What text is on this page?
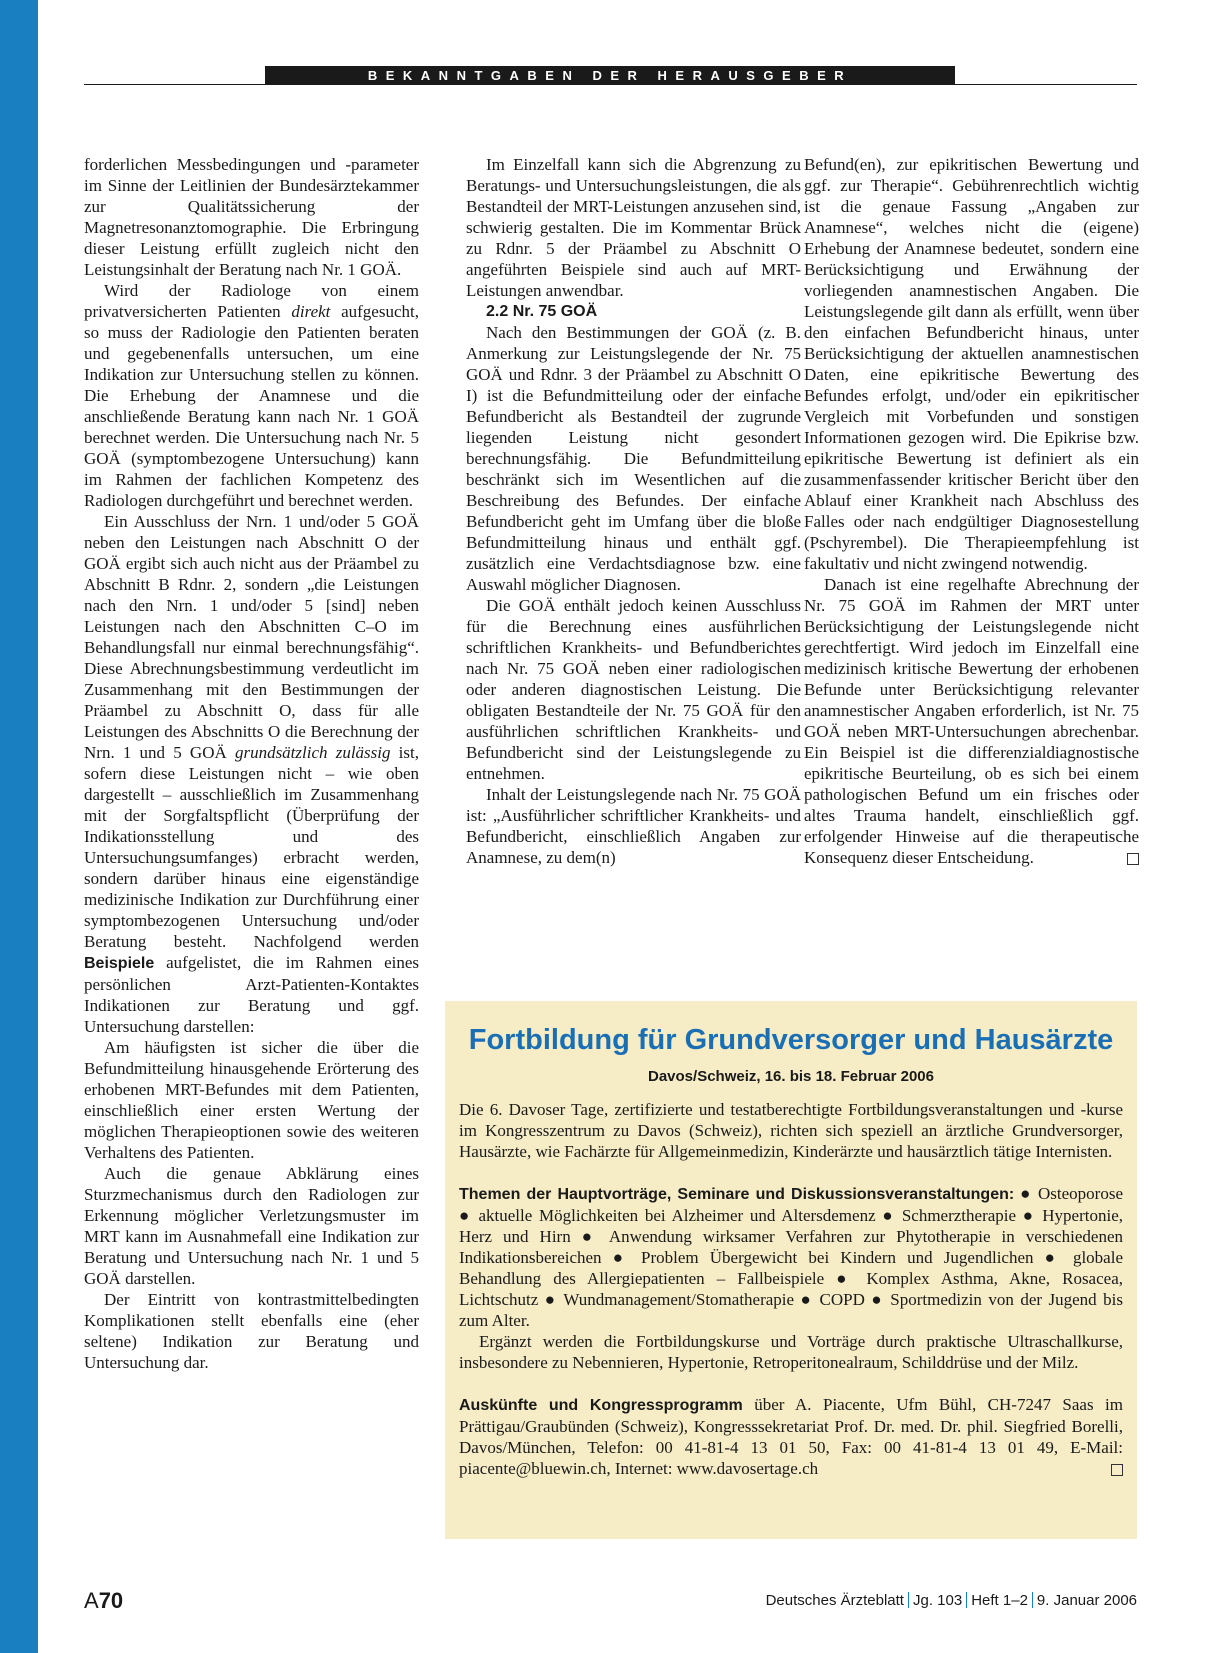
BEKANNTGABEN DER HERAUSGEBER

forderlichen Messbedingungen und -parameter im Sinne der Leitlinien der Bundesärztekammer zur Qualitätssicherung der Magnetresonanztomographie. Die Erbringung dieser Leistung erfüllt zugleich nicht den Leistungsinhalt der Beratung nach Nr. 1 GOÄ.

Wird der Radiologe von einem privatversicherten Patienten direkt aufgesucht, so muss der Radiologie den Patienten beraten und gegebenenfalls untersuchen, um eine Indikation zur Untersuchung stellen zu können. Die Erhebung der Anamnese und die anschließende Beratung kann nach Nr. 1 GOÄ berechnet werden. Die Untersuchung nach Nr. 5 GOÄ (symptombezogene Untersuchung) kann im Rahmen der fachlichen Kompetenz des Radiologen durchgeführt und berechnet werden.

Ein Ausschluss der Nrn. 1 und/oder 5 GOÄ neben den Leistungen nach Abschnitt O der GOÄ ergibt sich auch nicht aus der Präambel zu Abschnitt B Rdnr. 2, sondern „die Leistungen nach den Nrn. 1 und/oder 5 [sind] neben Leistungen nach den Abschnitten C–O im Behandlungsfall nur einmal berechnungsfähig“. Diese Abrechnungsbestimmung verdeutlicht im Zusammenhang mit den Bestimmungen der Präambel zu Abschnitt O, dass für alle Leistungen des Abschnitts O die Berechnung der Nrn. 1 und 5 GOÄ grundsätzlich zulässig ist, sofern diese Leistungen nicht – wie oben dargestellt – ausschließlich im Zusammenhang mit der Sorgfaltspflicht (Überprüfung der Indikationsstellung und des Untersuchungsumfanges) erbracht werden, sondern darüber hinaus eine eigenständige medizinische Indikation zur Durchführung einer symptombezogenen Untersuchung und/oder Beratung besteht. Nachfolgend werden Beispiele aufgelistet, die im Rahmen eines persönlichen Arzt-Patienten-Kontaktes Indikationen zur Beratung und ggf. Untersuchung darstellen:

Am häufigsten ist sicher die über die Befundmitteilung hinausgehende Erörterung des erhobenen MRT-Befundes mit dem Patienten, einschließlich einer ersten Wertung der möglichen Therapieoptionen sowie des weiteren Verhaltens des Patienten.

Auch die genaue Abklärung eines Sturzmechanismus durch den Radiologen zur Erkennung möglicher Verletzungsmuster im MRT kann im Ausnahmefall eine Indikation zur Beratung und Untersuchung nach Nr. 1 und 5 GOÄ darstellen.

Der Eintritt von kontrastmittelbedingten Komplikationen stellt ebenfalls eine (eher seltene) Indikation zur Beratung und Untersuchung dar.

Im Einzelfall kann sich die Abgrenzung zu Beratungs- und Untersuchungsleistungen, die als Bestandteil der MRT-Leistungen anzusehen sind, schwierig gestalten. Die im Kommentar Brück zu Rdnr. 5 der Präambel zu Abschnitt O angeführten Beispiele sind auch auf MRT-Leistungen anwendbar.

2.2 Nr. 75 GOÄ

Nach den Bestimmungen der GOÄ (z. B. Anmerkung zur Leistungslegende der Nr. 75 GOÄ und Rdnr. 3 der Präambel zu Abschnitt O I) ist die Befundmitteilung oder der einfache Befundbericht als Bestandteil der zugrunde liegenden Leistung nicht gesondert berechnungsfähig. Die Befundmitteilung beschränkt sich im Wesentlichen auf die Beschreibung des Befundes. Der einfache Befundbericht geht im Umfang über die bloße Befundmitteilung hinaus und enthält ggf. zusätzlich eine Verdachtsdiagnose bzw. eine Auswahl möglicher Diagnosen.

Die GOÄ enthält jedoch keinen Ausschluss für die Berechnung eines ausführlichen schriftlichen Krankheits- und Befundberichtes nach Nr. 75 GOÄ neben einer radiologischen oder anderen diagnostischen Leistung. Die obligaten Bestandteile der Nr. 75 GOÄ für den ausführlichen schriftlichen Krankheits- und Befundbericht sind der Leistungslegende zu entnehmen.

Inhalt der Leistungslegende nach Nr. 75 GOÄ ist: „Ausführlicher schriftlicher Krankheits- und Befundbericht, einschließlich Angaben zur Anamnese, zu dem(n)

Befund(en), zur epikritischen Bewertung und ggf. zur Therapie“. Gebührenrechtlich wichtig ist die genaue Fassung „Angaben zur Anamnese“, welches nicht die (eigene) Erhebung der Anamnese bedeutet, sondern eine Berücksichtigung und Erwähnung der vorliegenden anamnestischen Angaben. Die Leistungslegende gilt dann als erfüllt, wenn über den einfachen Befundbericht hinaus, unter Berücksichtigung der aktuellen anamnestischen Daten, eine epikritische Bewertung des Befundes erfolgt, und/oder ein epikritischer Vergleich mit Vorbefunden und sonstigen Informationen gezogen wird. Die Epikrise bzw. epikritische Bewertung ist definiert als ein zusammenfassender kritischer Bericht über den Ablauf einer Krankheit nach Abschluss des Falles oder nach endgültiger Diagnosestellung (Pschyrembel). Die Therapieempfehlung ist fakultativ und nicht zwingend notwendig.

Danach ist eine regelhafte Abrechnung der Nr. 75 GOÄ im Rahmen der MRT unter Berücksichtigung der Leistungslegende nicht gerechtfertigt. Wird jedoch im Einzelfall eine medizinisch kritische Bewertung der erhobenen Befunde unter Berücksichtigung relevanter anamnestischer Angaben erforderlich, ist Nr. 75 GOÄ neben MRT-Untersuchungen abrechenbar. Ein Beispiel ist die differenzialdiagnostische epikritische Beurteilung, ob es sich bei einem pathologischen Befund um ein frisches oder altes Trauma handelt, einschließlich ggf. erfolgender Hinweise auf die therapeutische Konsequenz dieser Entscheidung.

Fortbildung für Grundversorger und Hausärzte

Davos/Schweiz, 16. bis 18. Februar 2006

Die 6. Davoser Tage, zertifizierte und testatberechtigte Fortbildungsveranstaltungen und -kurse im Kongresszentrum zu Davos (Schweiz), richten sich speziell an ärztliche Grundversorger, Hausärzte, wie Fachärzte für Allgemeinmedizin, Kinderärzte und hausärztlich tätige Internisten.

Themen der Hauptvorträge, Seminare und Diskussionsveranstaltungen: ● Osteoporose ● aktuelle Möglichkeiten bei Alzheimer und Altersdemenz ● Schmerztherapie ● Hypertonie, Herz und Hirn ● Anwendung wirksamer Verfahren zur Phytotherapie in verschiedenen Indikationsbereichen ● Problem Übergewicht bei Kindern und Jugendlichen ● globale Behandlung des Allergiepatienten – Fallbeispiele ● Komplex Asthma, Akne, Rosacea, Lichtschutz ● Wundmanagement/Stomatherapie ● COPD ● Sportmedizin von der Jugend bis zum Alter.

Ergänzt werden die Fortbildungskurse und Vorträge durch praktische Ultraschallkurse, insbesondere zu Nebennieren, Hypertonie, Retroperitonealraum, Schilddrüse und der Milz.

Auskünfte und Kongressprogramm über A. Piacente, Ufm Bühl, CH-7247 Saas im Prättigau/Graubünden (Schweiz), Kongresssekretariat Prof. Dr. med. Dr. phil. Siegfried Borelli, Davos/München, Telefon: 00 41-81-4 13 01 50, Fax: 00 41-81-4 13 01 49, E-Mail: piacente@bluewin.ch, Internet: www.davosertage.ch

A70	Deutsches Ärzteblatt Jg. 103 Heft 1–2 9. Januar 2006
